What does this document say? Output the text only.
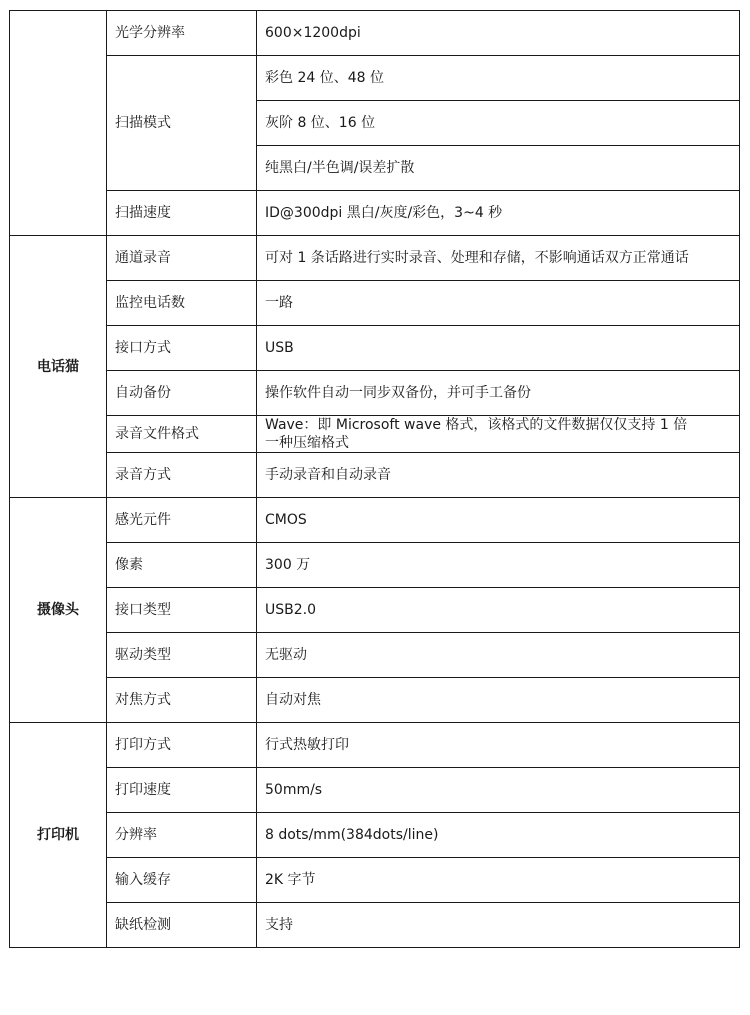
	光学分辨率	600×1200dpi
	扫描模式	彩色 24 位、48 位
		灰阶 8 位、16 位
		纯黑白/半色调/误差扩散
	扫描速度	ID@300dpi 黑白/灰度/彩色，3~4 秒
电话猫	通道录音	可对 1 条话路进行实时录音、处理和存储，不影响通话双方正常通话
	监控电话数	一路
	接口方式	USB
	自动备份	操作软件自动一同步双备份，并可手工备份
	录音文件格式	Wave：即 Microsoft wave 格式，该格式的文件数据仅仅支持 1 倍
一种压缩格式

	录音方式	手动录音和自动录音
摄像头	感光元件	CMOS
	像素	300 万
	接口类型	USB2.0
	驱动类型	无驱动
	对焦方式	自动对焦
打印机	打印方式	行式热敏打印
	打印速度	50mm/s
	分辨率	8 dots/mm(384dots/line)
	输入缓存	2K 字节
	缺纸检测	支持
